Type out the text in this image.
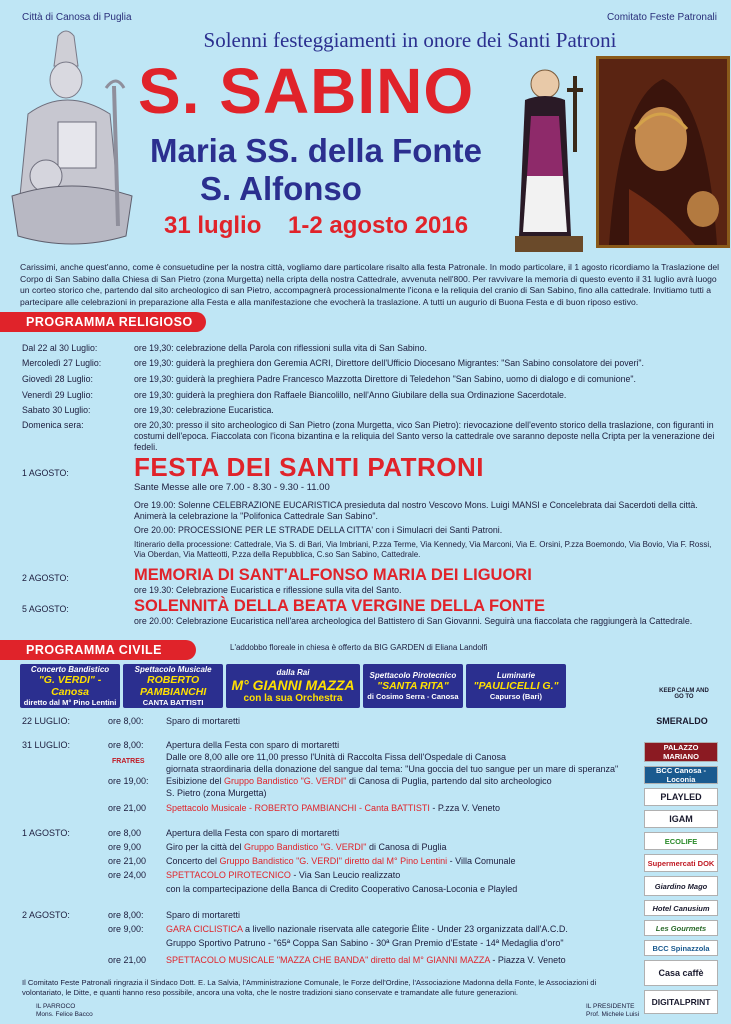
Città di Canosa di Puglia	Comitato Feste Patronali
Solenni festeggiamenti in onore dei Santi Patroni
S. SABINO
Maria SS. della Fonte
S. Alfonso
31 luglio    1-2 agosto 2016
Carissimi, anche quest'anno, come è consuetudine per la nostra città, vogliamo dare particolare risalto alla festa Patronale. In modo particolare, il 1 agosto ricordiamo la Traslazione del Corpo di San Sabino dalla Chiesa di San Pietro (zona Murgetta) nella cripta della nostra Cattedrale, avvenuta nell'800. Per ravvivare la memoria di questo evento il 31 luglio avrà luogo un corteo storico che, partendo dal sito archeologico di san Pietro, accompagnerà processionalmente l'icona e la reliquia del cranio di San Sabino, fino alla cattedrale. Invitiamo tutti a partecipare alle celebrazioni in preparazione alla Festa e alla manifestazione che evocherà la traslazione. A tutti un augurio di Buona Festa e di buon riposo estivo.
PROGRAMMA RELIGIOSO
Dal 22 al 30 Luglio:	ore 19,30: celebrazione della Parola con riflessioni sulla vita di San Sabino.
Mercoledì 27 Luglio:	ore 19,30: guiderà la preghiera don Geremia ACRI, Direttore dell'Ufficio Diocesano Migrantes: "San Sabino consolatore dei poveri".
Giovedì 28 Luglio:	ore 19,30: guiderà la preghiera Padre Francesco Mazzotta Direttore di Teledehon "San Sabino, uomo di dialogo e di comunione".
Venerdì 29 Luglio:	ore 19,30: guiderà la preghiera don Raffaele Biancolillo, nell'Anno Giubilare della sua Ordinazione Sacerdotale.
Sabato 30 Luglio:	ore 19,30: celebrazione Eucaristica.
Domenica sera:	ore 20,30: presso il sito archeologico di San Pietro (zona Murgetta, vico San Pietro): rievocazione dell'evento storico della traslazione, con figuranti in costumi dell'epoca. Fiaccolata con l'icona bizantina e la reliquia del Santo verso la cattedrale ove saranno deposte nella Cripta per la venerazione dei fedeli.
1 AGOSTO:	FESTA DEI SANTI PATRONI
Sante Messe alle ore 7.00 - 8.30 - 9.30 - 11.00
Ore 19.00: Solenne CELEBRAZIONE EUCARISTICA presieduta dal nostro Vescovo Mons. Luigi MANSI e Concelebrata dai Sacerdoti della città. Animerà la celebrazione la "Polifonica Cattedrale San Sabino".
Ore 20.00: PROCESSIONE PER LE STRADE DELLA CITTA' con i Simulacri dei Santi Patroni.
Itinerario della processione: Cattedrale, Via S. di Bari, Via Imbriani, P.zza Terme, Via Kennedy, Via Marconi, Via E. Orsini, P.zza Boemondo, Via Bovio, Via F. Rossi, Via Oberdan, Via Matteotti, P.zza della Repubblica, C.so San Sabino, Cattedrale.
2 AGOSTO:	MEMORIA DI SANT'ALFONSO MARIA DEI LIGUORI
ore 19.30: Celebrazione Eucaristica e riflessione sulla vita del Santo.
5 AGOSTO:	SOLENNITÀ DELLA BEATA VERGINE DELLA FONTE
ore 20.00: Celebrazione Eucaristica nell'area archeologica del Battistero di San Giovanni. Seguirà una fiaccolata che raggiungerà la Cattedrale.
PROGRAMMA CIVILE	L'addobbo floreale in chiesa è offerto da BIG GARDEN di Eliana Landolfi
Concerto Bandistico
"G. VERDI" - Canosa
diretto dal M° Pino Lentini
Spettacolo Musicale
ROBERTO PAMBIANCHI
CANTA BATTISTI
dalla Rai
M° GIANNI MAZZA
con la sua Orchestra
Spettacolo Pirotecnico
"SANTA RITA"
di Cosimo Serra - Canosa
Luminarie
"PAULICELLI G."
Capurso (Bari)
22 LUGLIO:	ore 8,00:	Sparo di mortaretti
31 LUGLIO:	ore 8,00:	Apertura della Festa con sparo di mortaretti
Dalle ore 8,00 alle ore 11,00 presso l'Unità di Raccolta Fissa dell'Ospedale di Canosa
FRATRES
giornata straordinaria della donazione del sangue dal tema: "Una goccia del tuo sangue per un mare di speranza"
ore 19,00:	Esibizione del Gruppo Bandistico "G. VERDI" di Canosa di Puglia, partendo dal sito archeologico
S. Pietro (zona Murgetta)
ore 21,00	Spettacolo Musicale - ROBERTO PAMBIANCHI - Canta BATTISTI - P.zza V. Veneto
1 AGOSTO:	ore 8,00	Apertura della Festa con sparo di mortaretti
ore 9,00	Giro per la città del Gruppo Bandistico "G. VERDI" di Canosa di Puglia
ore 21,00	Concerto del Gruppo Bandistico "G. VERDI" diretto dal M° Pino Lentini - Villa Comunale
ore 24,00	SPETTACOLO PIROTECNICO - Via San Leucio realizzato
con la compartecipazione della Banca di Credito Cooperativo Canosa-Loconia e Playled
2 AGOSTO:	ore 8,00:	Sparo di mortaretti
ore 9,00:	GARA CICLISTICA a livello nazionale riservata alle categorie Élite - Under 23 organizzata dall'A.C.D.
Gruppo Sportivo Patruno - "65ª Coppa San Sabino - 30ª Gran Premio d'Estate - 14ª Medaglia d'oro"
ore 21,00	SPETTACOLO MUSICALE "MAZZA CHE BANDA" diretto dal M° GIANNI MAZZA - Piazza V. Veneto
KEEP CALM AND GO TO
SMERALDO
PALAZZO MARIANO
BCC Canosa - Loconia
PLAYLED
IGAM
ECOLIFE
Supermercati DOK
Giardino Mago
Hotel Canusium
Les Gourmets
BCC Spinazzola
Casa caffè
DIGITALPRINT
Il Comitato Feste Patronali ringrazia il Sindaco Dott. E. La Salvia, l'Amministrazione Comunale, le Forze dell'Ordine, l'Associazione Madonna della Fonte, le Associazioni di volontariato, le Ditte, e quanti hanno reso possibile, ancora una volta, che le nostre tradizioni siano conservate e tramandate alle future generazioni.
IL PARROCO
Mons. Felice Bacco
IL PRESIDENTE
Prof. Michele Luisi
